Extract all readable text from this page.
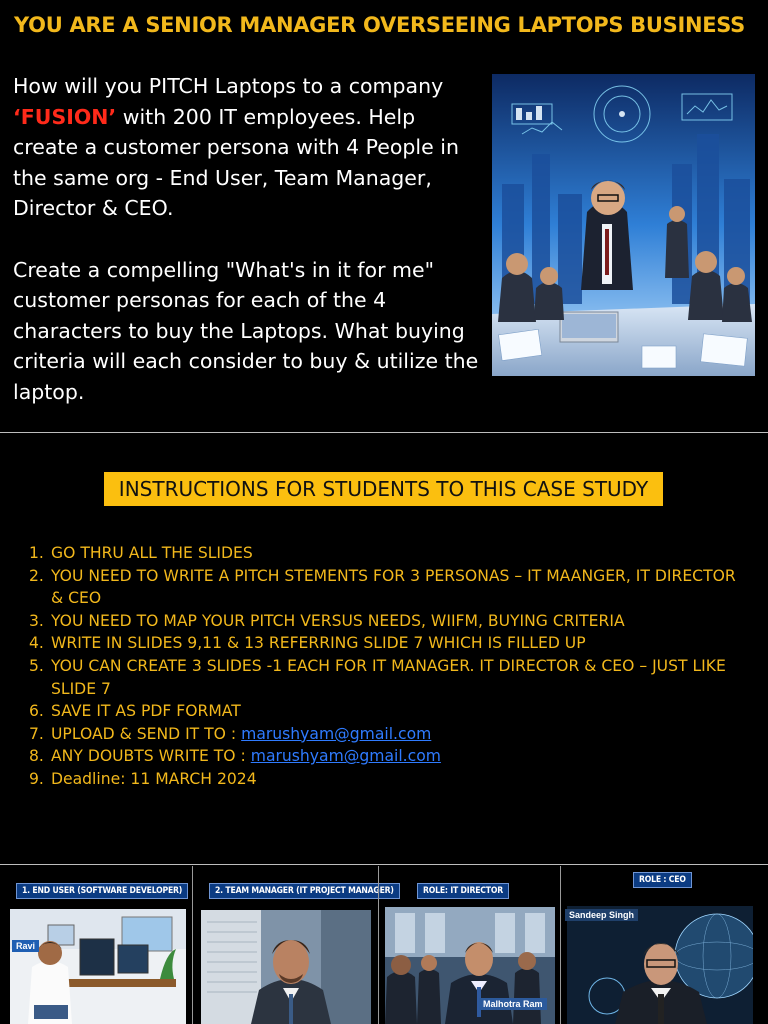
YOU ARE A SENIOR MANAGER OVERSEEING LAPTOPS BUSINESS

How will you PITCH Laptops to a company
‘FUSION’ with 200 IT employees. Help create a customer persona with 4 People in the same org - End User, Team Manager, Director & CEO.

Create a compelling "What's in it for me" customer personas for each of the 4 characters to buy the Laptops. What buying criteria will each consider to buy & utilize the laptop.

INSTRUCTIONS FOR STUDENTS TO THIS CASE STUDY
1. GO THRU ALL THE SLIDES
2. YOU NEED TO WRITE A PITCH STEMENTS FOR 3 PERSONAS – IT MAANGER, IT DIRECTOR & CEO
3. YOU NEED TO MAP YOUR PITCH VERSUS NEEDS, WIIFM, BUYING CRITERIA
4. WRITE IN SLIDES 9,11 & 13 REFERRING SLIDE 7 WHICH IS FILLED UP
5. YOU CAN CREATE 3 SLIDES -1 EACH FOR IT MANAGER. IT DIRECTOR & CEO – JUST LIKE SLIDE 7
6. SAVE IT AS PDF FORMAT
7. UPLOAD & SEND IT TO : marushyam@gmail.com
8. ANY DOUBTS WRITE TO : marushyam@gmail.com
9. Deadline: 11 MARCH 2024
1. END USER (SOFTWARE DEVELOPER)
Ravi
2. TEAM MANAGER (IT PROJECT MANAGER)	ROLE: IT DIRECTOR
Malhotra Ram
ROLE : CEO
Sandeep Singh
